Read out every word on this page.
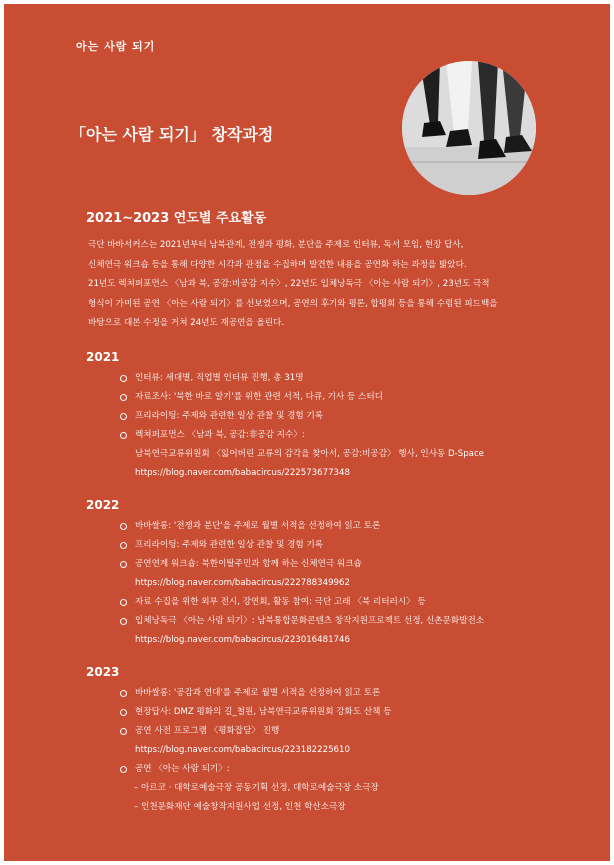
아는 사람 되기
「아는 사람 되기」 창작과정
2021~2023 연도별 주요활동

극단 바바서커스는 2021년부터 남북관계, 전쟁과 평화, 분단을 주제로 인터뷰, 독서 모임, 현장 답사,

신체연극 워크숍 등을 통해 다양한 시각과 관점을 수집하며 발견한 내용을 공연화 하는 과정을 밟았다.

21년도 렉쳐퍼포먼스 〈남과 북, 공감:비공감 지수〉, 22년도 입체낭독극 〈아는 사람 되기〉, 23년도 극적

형식이 가미된 공연 〈아는 사람 되기〉를 선보였으며, 공연의 후기와 평론, 합평회 등을 통해 수렴된 피드백을

바탕으로 대본 수정을 거쳐 24년도 재공연을 올린다.

2021
인터뷰: 세대별, 직업별 인터뷰 진행, 총 31명
자료조사: '북한 바로 알기'를 위한 관련 서적, 다큐, 기사 등 스터디
프리라이팅: 주제와 관련한 일상 관찰 및 경험 기록
렉쳐퍼포먼스 〈남과 북, 공감:非공감 지수〉:
남북연극교류위원회 〈잃어버린 교류의 감각을 찾아서, 공감:비공감〉 행사, 인사동 D-Space
https://blog.naver.com/babacircus/222573677348
2022
바바쌀롱: '전쟁과 분단'을 주제로 월별 서적을 선정하여 읽고 토론
프리라이팅: 주제와 관련한 일상 관찰 및 경험 기록
공연연계 워크숍: 북한이탈주민과 함께 하는 신체연극 워크숍
https://blog.naver.com/babacircus/222788349962
자료 수집을 위한 외부 전시, 강연회, 활동 참여: 극단 고래 〈북 리터러시〉 등
입체낭독극 〈아는 사람 되기〉: 남북통합문화콘텐츠 창작지원프로젝트 선정, 신촌문화발전소
https://blog.naver.com/babacircus/223016481746
2023
바바쌀롱: '공감과 연대'를 주제로 월별 서적을 선정하여 읽고 토론
현장답사: DMZ 평화의 길_철원, 남북연극교류위원회 강화도 산책 등
공연 사전 프로그램 〈평화잡담〉 진행
https://blog.naver.com/babacircus/223182225610
공연 〈아는 사람 되기〉:
– 아르코 · 대학로예술극장 공동기획 선정, 대학로예술극장 소극장
– 인천문화재단 예술창작지원사업 선정, 인천 학산소극장
